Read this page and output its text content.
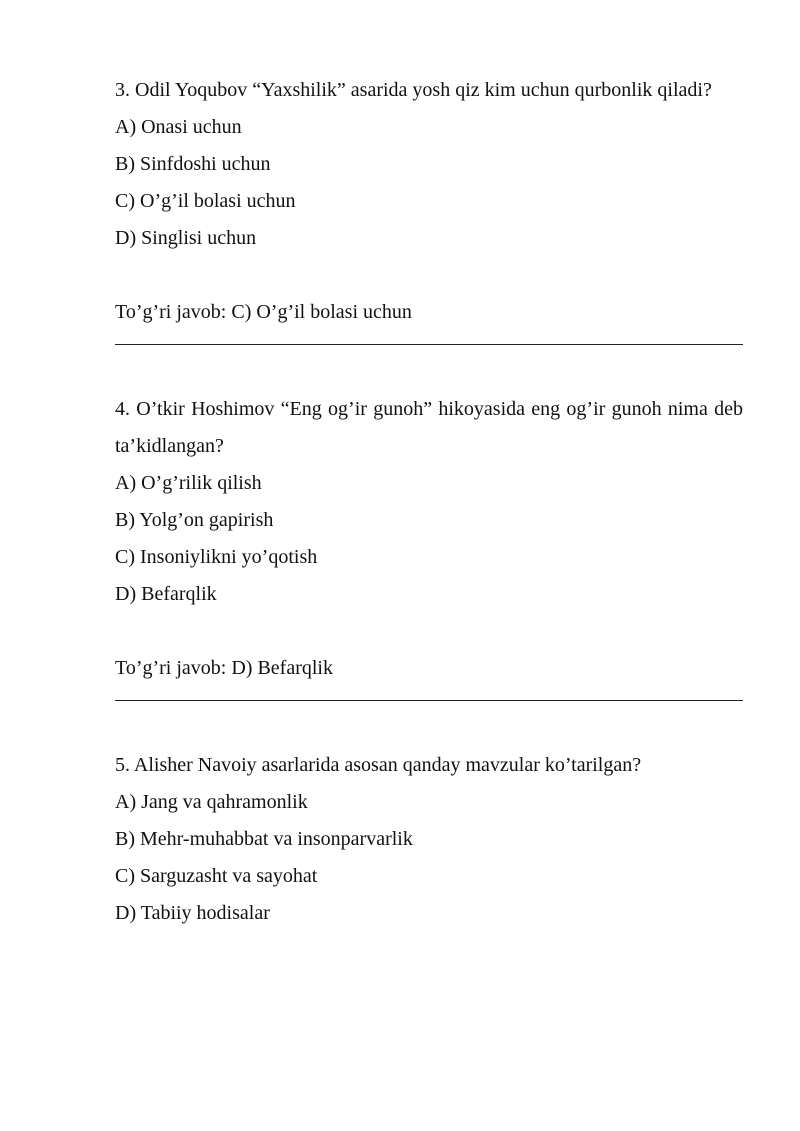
3. Odil Yoqubov “Yaxshilik” asarida yosh qiz kim uchun qurbonlik qiladi?

A) Onasi uchun

B) Sinfdoshi uchun

C) O’g’il bolasi uchun

D) Singlisi uchun

To’g’ri javob: C) O’g’il bolasi uchun

4. O’tkir Hoshimov “Eng og’ir gunoh” hikoyasida eng og’ir gunoh nima deb ta’kidlangan?

A) O’g’rilik qilish

B) Yolg’on gapirish

C) Insoniylikni yo’qotish

D) Befarqlik

To’g’ri javob: D) Befarqlik

5. Alisher Navoiy asarlarida asosan qanday mavzular ko’tarilgan?

A) Jang va qahramonlik

B) Mehr-muhabbat va insonparvarlik

C) Sarguzasht va sayohat

D) Tabiiy hodisalar
